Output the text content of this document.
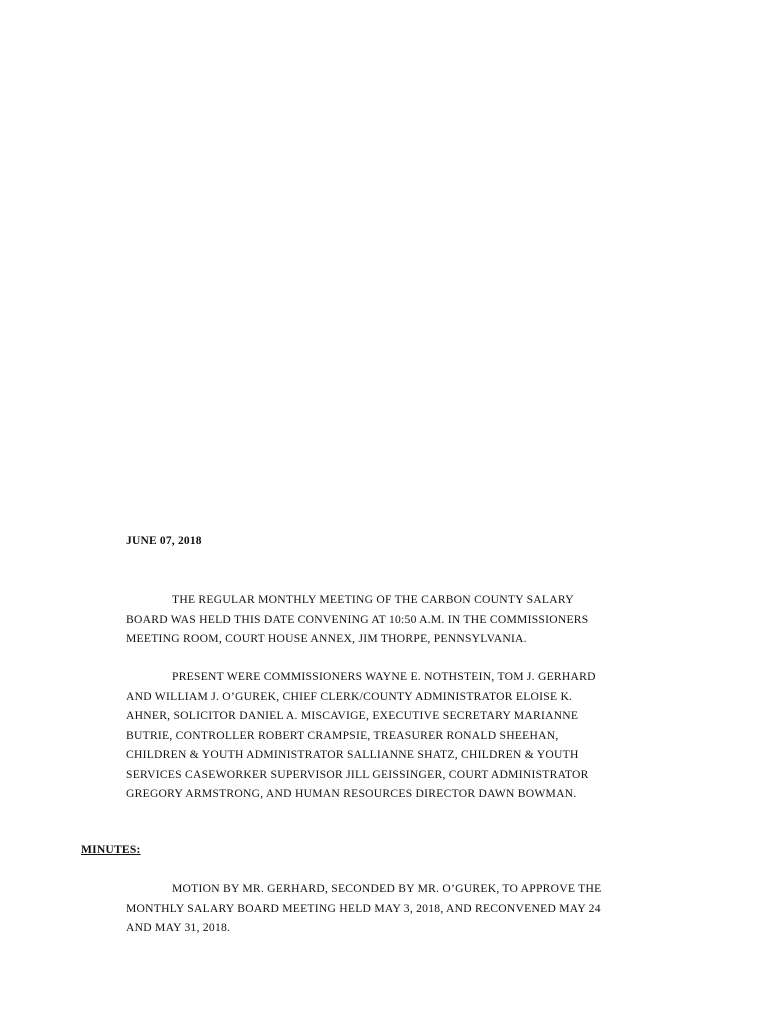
JUNE 07, 2018

THE REGULAR MONTHLY MEETING OF THE CARBON COUNTY SALARY
BOARD WAS HELD THIS DATE CONVENING AT 10:50 A.M. IN THE COMMISSIONERS
MEETING ROOM, COURT HOUSE ANNEX, JIM THORPE, PENNSYLVANIA.

PRESENT WERE COMMISSIONERS WAYNE E. NOTHSTEIN, TOM J. GERHARD
AND WILLIAM J. O’GUREK, CHIEF CLERK/COUNTY ADMINISTRATOR ELOISE K.
AHNER, SOLICITOR DANIEL A. MISCAVIGE, EXECUTIVE SECRETARY MARIANNE
BUTRIE, CONTROLLER ROBERT CRAMPSIE, TREASURER RONALD SHEEHAN,
CHILDREN & YOUTH ADMINISTRATOR SALLIANNE SHATZ, CHILDREN & YOUTH
SERVICES CASEWORKER SUPERVISOR JILL GEISSINGER, COURT ADMINISTRATOR
GREGORY ARMSTRONG, AND HUMAN RESOURCES DIRECTOR DAWN BOWMAN.

MINUTES:

MOTION BY MR. GERHARD, SECONDED BY MR. O’GUREK, TO APPROVE THE
MONTHLY SALARY BOARD MEETING HELD MAY 3, 2018, AND RECONVENED MAY 24
AND MAY 31, 2018.
